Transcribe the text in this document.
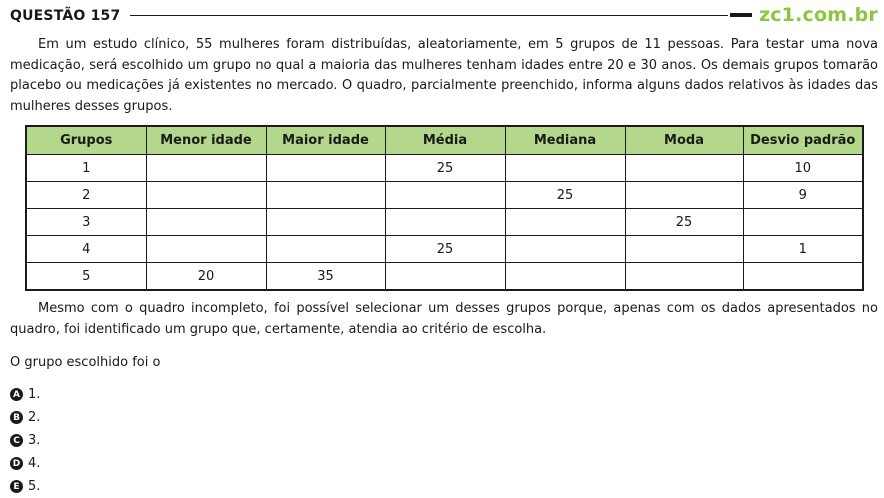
QUESTÃO 157	zc1.com.br

Em um estudo clínico, 55 mulheres foram distribuídas, aleatoriamente, em 5 grupos de 11 pessoas. Para testar uma nova medicação, será escolhido um grupo no qual a maioria das mulheres tenham idades entre 20 e 30 anos. Os demais grupos tomarão placebo ou medicações já existentes no mercado. O quadro, parcialmente preenchido, informa alguns dados relativos às idades das mulheres desses grupos.

Grupos	Menor idade	Maior idade	Média	Mediana	Moda	Desvio padrão
1			25			10
2				25		9
3					25	
4			25			1
5	20	35				

Mesmo com o quadro incompleto, foi possível selecionar um desses grupos porque, apenas com os dados apresentados no quadro, foi identificado um grupo que, certamente, atendia ao critério de escolha.

O grupo escolhido foi o

A 1.
B 2.
C 3.
D 4.
E 5.
